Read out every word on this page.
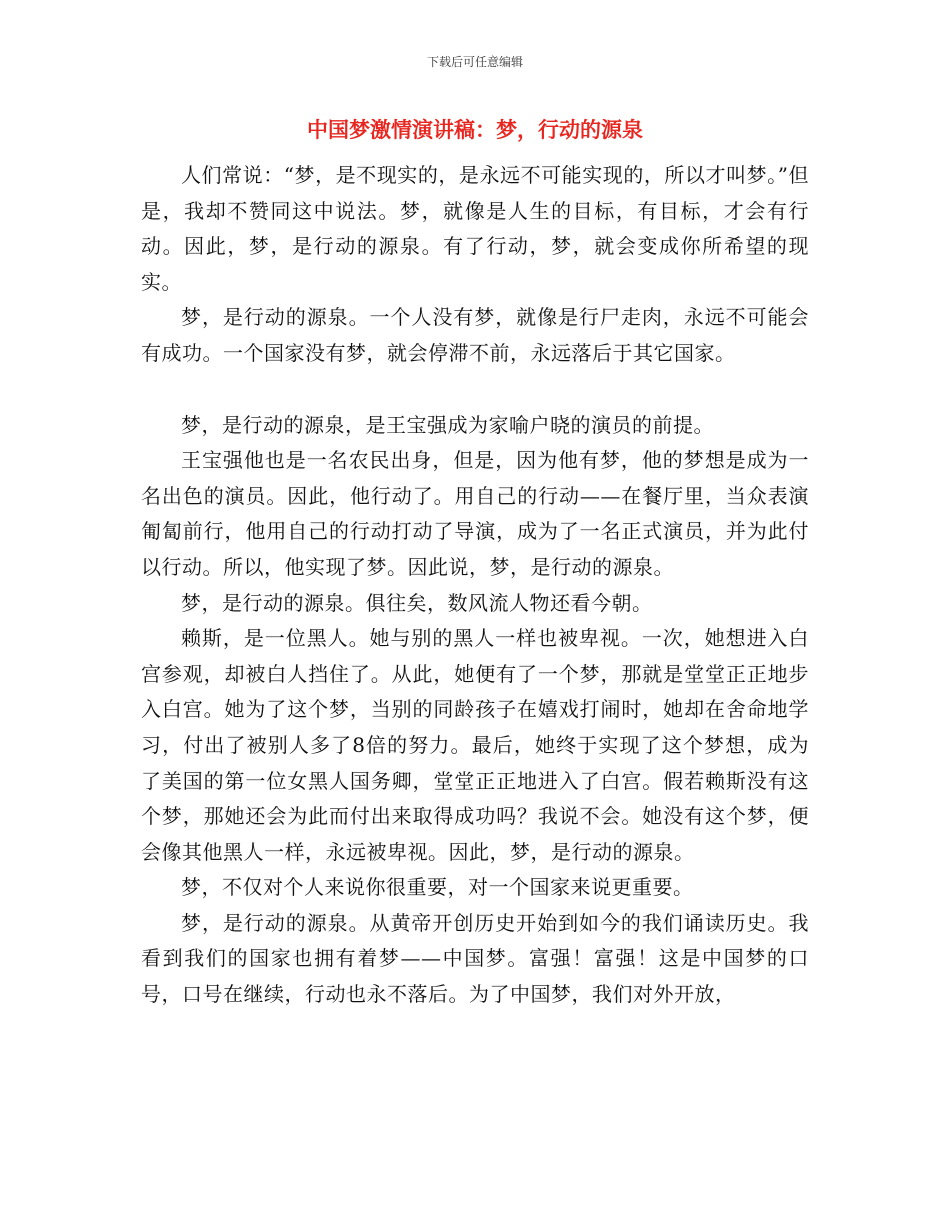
下载后可任意编辑
中国梦激情演讲稿：梦，行动的源泉

人们常说：“梦，是不现实的，是永远不可能实现的，所以才叫梦。”但是，我却不赞同这中说法。梦，就像是人生的目标，有目标，才会有行动。因此，梦，是行动的源泉。有了行动，梦，就会变成你所希望的现实。

梦，是行动的源泉。一个人没有梦，就像是行尸走肉，永远不可能会有成功。一个国家没有梦，就会停滞不前，永远落后于其它国家。

梦，是行动的源泉，是王宝强成为家喻户晓的演员的前提。

王宝强他也是一名农民出身，但是，因为他有梦，他的梦想是成为一名出色的演员。因此，他行动了。用自己的行动——在餐厅里，当众表演匍匐前行，他用自己的行动打动了导演，成为了一名正式演员，并为此付以行动。所以，他实现了梦。因此说，梦，是行动的源泉。

梦，是行动的源泉。俱往矣，数风流人物还看今朝。

赖斯，是一位黑人。她与别的黑人一样也被卑视。一次，她想进入白宫参观，却被白人挡住了。从此，她便有了一个梦，那就是堂堂正正地步入白宫。她为了这个梦，当别的同龄孩子在嬉戏打闹时，她却在舍命地学习，付出了被别人多了8倍的努力。最后，她终于实现了这个梦想，成为了美国的第一位女黑人国务卿，堂堂正正地进入了白宫。假若赖斯没有这个梦，那她还会为此而付出来取得成功吗？我说不会。她没有这个梦，便会像其他黑人一样，永远被卑视。因此，梦，是行动的源泉。

梦，不仅对个人来说你很重要，对一个国家来说更重要。

梦，是行动的源泉。从黄帝开创历史开始到如今的我们诵读历史。我看到我们的国家也拥有着梦——中国梦。富强！富强！这是中国梦的口号，口号在继续，行动也永不落后。为了中国梦，我们对外开放，
